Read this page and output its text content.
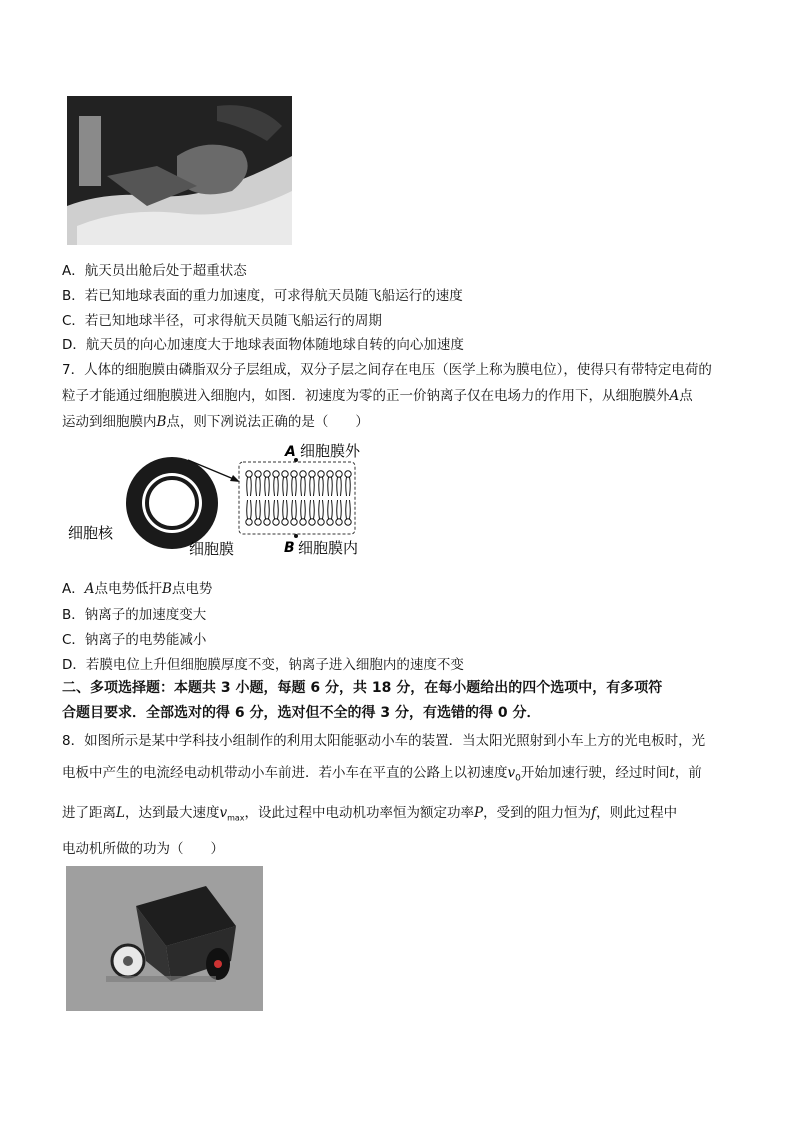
A．航天员出舱后处于超重状态
B．若已知地球表面的重力加速度，可求得航天员随飞船运行的速度
C．若已知地球半径，可求得航天员随飞船运行的周期
D．航天员的向心加速度大于地球表面物体随地球自转的向心加速度
7．人体的细胞膜由磷脂双分子层组成，双分子层之间存在电压（医学上称为膜电位），使得只有带特定电荷的
粒子才能通过细胞膜进入细胞内，如图．初速度为零的正一价钠离子仅在电场力的作用下，从细胞膜外A点
运动到细胞膜内B点，则下冽说法正确的是（　　）
A 细胞膜外
B 细胞膜内
细胞核
细胞膜
A．A点电势低扞B点电势
B．钠离子的加速度变大
C．钠离子的电势能减小
D．若膜电位上升但细胞膜厚度不变，钠离子进入细胞内的速度不变
二、多项选择题：本题共 3 小题，每题 6 分，共 18 分，在每小题给出的四个选项中，有多项符
合题目要求．全部选对的得 6 分，选对但不全的得 3 分，有选错的得 0 分．
8．如图所示是某中学科技小组制作的利用太阳能驱动小车的装置．当太阳光照射到小车上方的光电板时，光
电板中产生的电流经电动机带动小车前进．若小车在平直的公路上以初速度$v_0$开始加速行驶，经过时间t，前
进了距离L，达到最大速度$v_{max}$，设此过程中电动机功率恒为额定功率P，受到的阻力恒为f，则此过程中
电动机所做的功为（　　）
